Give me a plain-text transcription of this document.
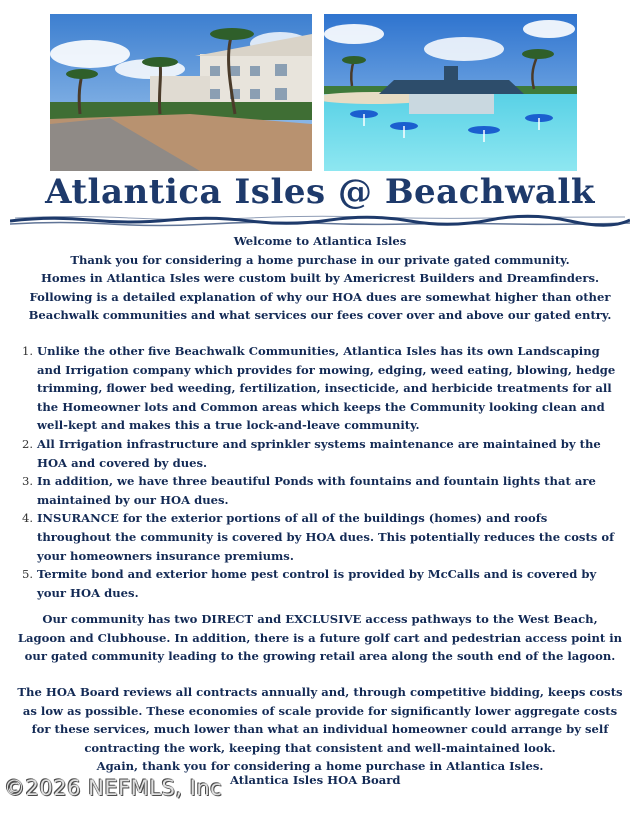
Atlantica Isles @ Beachwalk
Welcome to Atlantica Isles
Thank you for considering a home purchase in our private gated community.
Homes in Atlantica Isles were custom built by Americrest Builders and Dreamfinders.
Following is a detailed explanation of why our HOA dues are somewhat higher than other
Beachwalk communities and what services our fees cover over and above our gated entry.
1. Unlike the other five Beachwalk Communities, Atlantica Isles has its own Landscaping
and Irrigation company which provides for mowing, edging, weed eating, blowing, hedge
trimming, flower bed weeding, fertilization, insecticide, and herbicide treatments for all
the Homeowner lots and Common areas which keeps the Community looking clean and
well-kept and makes this a true lock-and-leave community.
2. All Irrigation infrastructure and sprinkler systems maintenance are maintained by the
HOA and covered by dues.
3. In addition, we have three beautiful Ponds with fountains and fountain lights that are
maintained by our HOA dues.
4. INSURANCE for the exterior portions of all of the buildings (homes) and roofs
throughout the community is covered by HOA dues. This potentially reduces the costs of
your homeowners insurance premiums.
5. Termite bond and exterior home pest control is provided by McCalls and is covered by
your HOA dues.
Our community has two DIRECT and EXCLUSIVE access pathways to the West Beach,
Lagoon and Clubhouse. In addition, there is a future golf cart and pedestrian access point in
our gated community leading to the growing retail area along the south end of the lagoon.
The HOA Board reviews all contracts annually and, through competitive bidding, keeps costs
as low as possible. These economies of scale provide for significantly lower aggregate costs
for these services, much lower than what an individual homeowner could arrange by self
contracting the work, keeping that consistent and well-maintained look.
Again, thank you for considering a home purchase in Atlantica Isles.
Atlantica Isles HOA Board
©2026 NEFMLS, Inc
